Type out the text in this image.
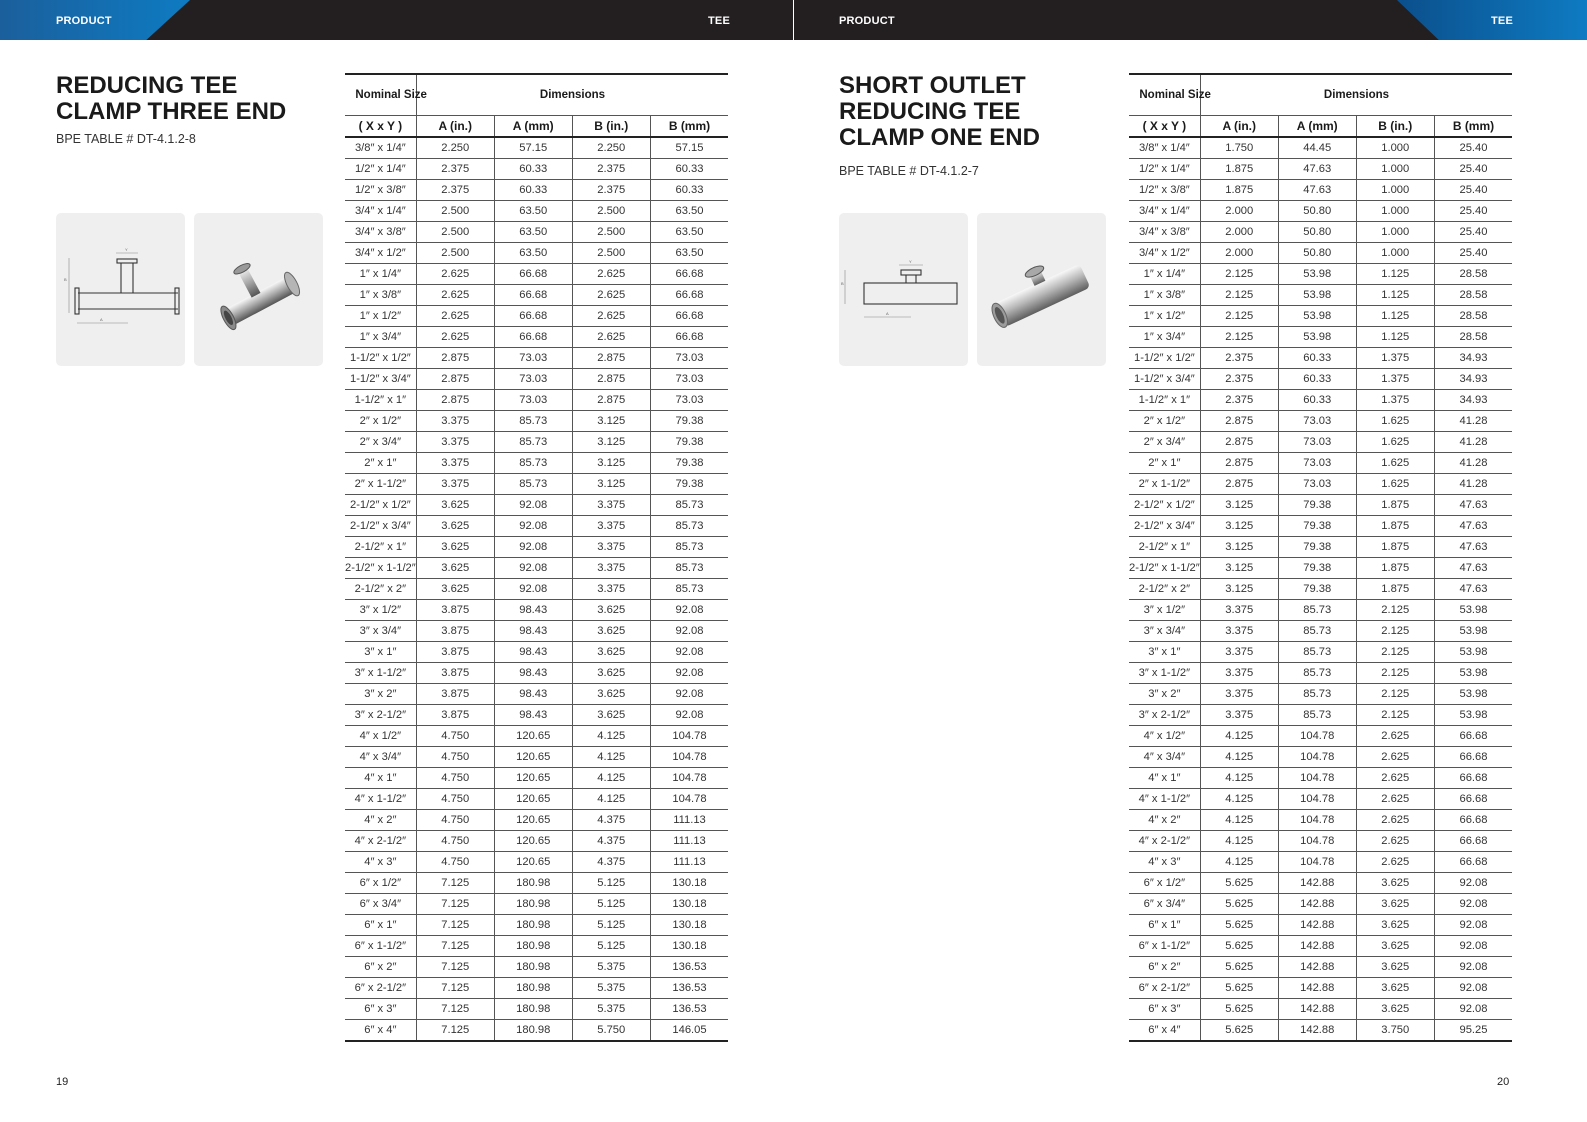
PRODUCT	TEE
REDUCING TEE
CLAMP THREE END
BPE TABLE # DT-4.1.2-8
A
Y
B
19
Nominal Size	Dimensions			
( X x Y )	A (in.)	A (mm)	B (in.)	B (mm)
3/8″ x 1/4″	2.250	57.15	2.250	57.15
1/2″ x 1/4″	2.375	60.33	2.375	60.33
1/2″ x 3/8″	2.375	60.33	2.375	60.33
3/4″ x 1/4″	2.500	63.50	2.500	63.50
3/4″ x 3/8″	2.500	63.50	2.500	63.50
3/4″ x 1/2″	2.500	63.50	2.500	63.50
1″ x 1/4″	2.625	66.68	2.625	66.68
1″ x 3/8″	2.625	66.68	2.625	66.68
1″ x 1/2″	2.625	66.68	2.625	66.68
1″ x 3/4″	2.625	66.68	2.625	66.68
1-1/2″ x 1/2″	2.875	73.03	2.875	73.03
1-1/2″ x 3/4″	2.875	73.03	2.875	73.03
1-1/2″ x 1″	2.875	73.03	2.875	73.03
2″ x 1/2″	3.375	85.73	3.125	79.38
2″ x 3/4″	3.375	85.73	3.125	79.38
2″ x 1″	3.375	85.73	3.125	79.38
2″ x 1-1/2″	3.375	85.73	3.125	79.38
2-1/2″ x 1/2″	3.625	92.08	3.375	85.73
2-1/2″ x 3/4″	3.625	92.08	3.375	85.73
2-1/2″ x 1″	3.625	92.08	3.375	85.73
2-1/2″ x 1-1/2″	3.625	92.08	3.375	85.73
2-1/2″ x 2″	3.625	92.08	3.375	85.73
3″ x 1/2″	3.875	98.43	3.625	92.08
3″ x 3/4″	3.875	98.43	3.625	92.08
3″ x 1″	3.875	98.43	3.625	92.08
3″ x 1-1/2″	3.875	98.43	3.625	92.08
3″ x 2″	3.875	98.43	3.625	92.08
3″ x 2-1/2″	3.875	98.43	3.625	92.08
4″ x 1/2″	4.750	120.65	4.125	104.78
4″ x 3/4″	4.750	120.65	4.125	104.78
4″ x 1″	4.750	120.65	4.125	104.78
4″ x 1-1/2″	4.750	120.65	4.125	104.78
4″ x 2″	4.750	120.65	4.375	111.13
4″ x 2-1/2″	4.750	120.65	4.375	111.13
4″ x 3″	4.750	120.65	4.375	111.13
6″ x 1/2″	7.125	180.98	5.125	130.18
6″ x 3/4″	7.125	180.98	5.125	130.18
6″ x 1″	7.125	180.98	5.125	130.18
6″ x 1-1/2″	7.125	180.98	5.125	130.18
6″ x 2″	7.125	180.98	5.375	136.53
6″ x 2-1/2″	7.125	180.98	5.375	136.53
6″ x 3″	7.125	180.98	5.375	136.53
6″ x 4″	7.125	180.98	5.750	146.05
PRODUCT	TEE
SHORT OUTLET
REDUCING TEE
CLAMP ONE END
BPE TABLE # DT-4.1.2-7
A
Y
B
20
Nominal Size	Dimensions			
( X x Y )	A (in.)	A (mm)	B (in.)	B (mm)
3/8″ x 1/4″	1.750	44.45	1.000	25.40
1/2″ x 1/4″	1.875	47.63	1.000	25.40
1/2″ x 3/8″	1.875	47.63	1.000	25.40
3/4″ x 1/4″	2.000	50.80	1.000	25.40
3/4″ x 3/8″	2.000	50.80	1.000	25.40
3/4″ x 1/2″	2.000	50.80	1.000	25.40
1″ x 1/4″	2.125	53.98	1.125	28.58
1″ x 3/8″	2.125	53.98	1.125	28.58
1″ x 1/2″	2.125	53.98	1.125	28.58
1″ x 3/4″	2.125	53.98	1.125	28.58
1-1/2″ x 1/2″	2.375	60.33	1.375	34.93
1-1/2″ x 3/4″	2.375	60.33	1.375	34.93
1-1/2″ x 1″	2.375	60.33	1.375	34.93
2″ x 1/2″	2.875	73.03	1.625	41.28
2″ x 3/4″	2.875	73.03	1.625	41.28
2″ x 1″	2.875	73.03	1.625	41.28
2″ x 1-1/2″	2.875	73.03	1.625	41.28
2-1/2″ x 1/2″	3.125	79.38	1.875	47.63
2-1/2″ x 3/4″	3.125	79.38	1.875	47.63
2-1/2″ x 1″	3.125	79.38	1.875	47.63
2-1/2″ x 1-1/2″	3.125	79.38	1.875	47.63
2-1/2″ x 2″	3.125	79.38	1.875	47.63
3″ x 1/2″	3.375	85.73	2.125	53.98
3″ x 3/4″	3.375	85.73	2.125	53.98
3″ x 1″	3.375	85.73	2.125	53.98
3″ x 1-1/2″	3.375	85.73	2.125	53.98
3″ x 2″	3.375	85.73	2.125	53.98
3″ x 2-1/2″	3.375	85.73	2.125	53.98
4″ x 1/2″	4.125	104.78	2.625	66.68
4″ x 3/4″	4.125	104.78	2.625	66.68
4″ x 1″	4.125	104.78	2.625	66.68
4″ x 1-1/2″	4.125	104.78	2.625	66.68
4″ x 2″	4.125	104.78	2.625	66.68
4″ x 2-1/2″	4.125	104.78	2.625	66.68
4″ x 3″	4.125	104.78	2.625	66.68
6″ x 1/2″	5.625	142.88	3.625	92.08
6″ x 3/4″	5.625	142.88	3.625	92.08
6″ x 1″	5.625	142.88	3.625	92.08
6″ x 1-1/2″	5.625	142.88	3.625	92.08
6″ x 2″	5.625	142.88	3.625	92.08
6″ x 2-1/2″	5.625	142.88	3.625	92.08
6″ x 3″	5.625	142.88	3.625	92.08
6″ x 4″	5.625	142.88	3.750	95.25
